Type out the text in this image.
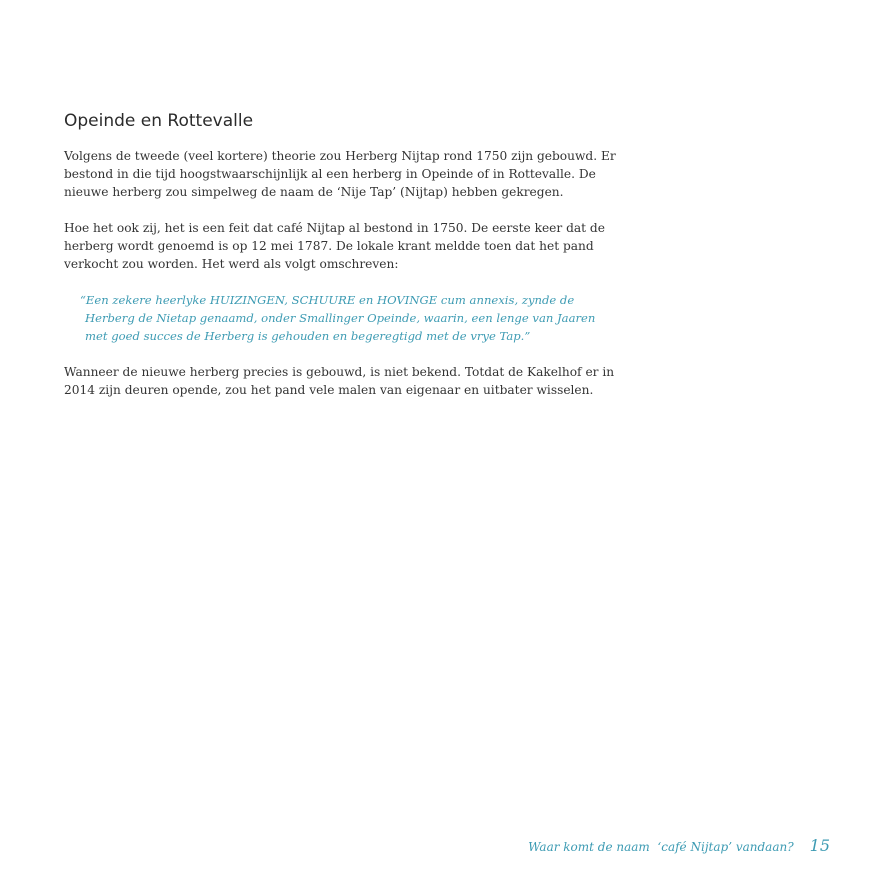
Opeinde en Rottevalle

Volgens de tweede (veel kortere) theorie zou Herberg Nijtap rond 1750 zijn gebouwd. Er
bestond in die tijd hoogstwaarschijnlijk al een herberg in Opeinde of in Rottevalle. De
nieuwe herberg zou simpelweg de naam de ‘Nije Tap’ (Nijtap) hebben gekregen.

Hoe het ook zij, het is een feit dat café Nijtap al bestond in 1750. De eerste keer dat de
herberg wordt genoemd is op 12 mei 1787. De lokale krant meldde toen dat het pand
verkocht zou worden. Het werd als volgt omschreven:

“Een zekere heerlyke HUIZINGEN, SCHUURE en HOVINGE cum annexis, zynde de
Herberg de Nietap genaamd, onder Smallinger Opeinde, waarin, een lenge van Jaaren
met goed succes de Herberg is gehouden en begeregtigd met de vrye Tap.”

Wanneer de nieuwe herberg precies is gebouwd, is niet bekend. Totdat de Kakelhof er in
2014 zijn deuren opende, zou het pand vele malen van eigenaar en uitbater wisselen.

Waar komt de naam  ‘café Nijtap’ vandaan? 15
